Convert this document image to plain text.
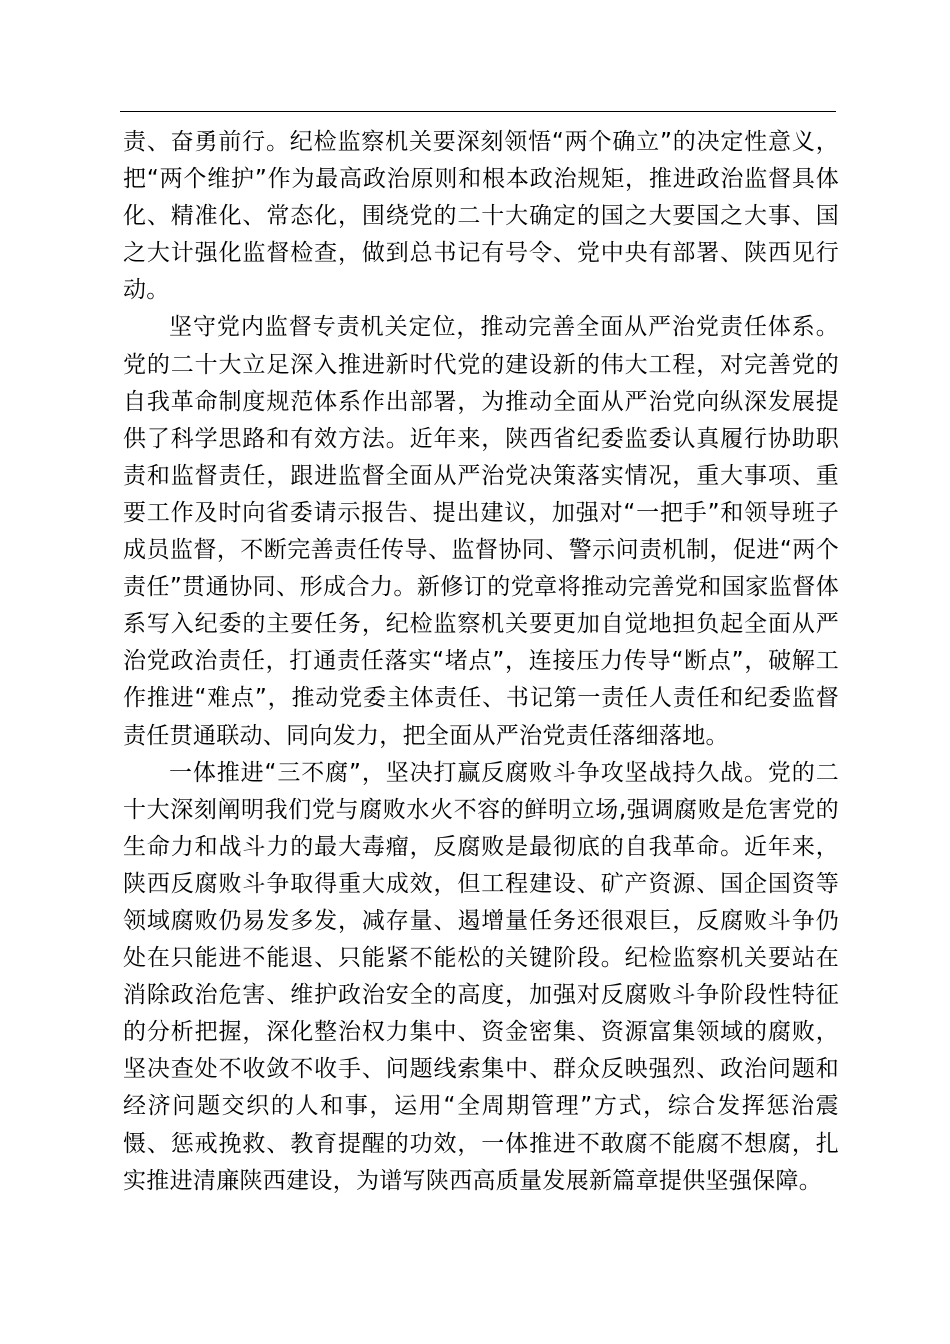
责、奋勇前行。纪检监察机关要深刻领悟“两个确立”的决定性意义，把“两个维护”作为最高政治原则和根本政治规矩，推进政治监督具体化、精准化、常态化，围绕党的二十大确定的国之大要国之大事、国之大计强化监督检查，做到总书记有号令、党中央有部署、陕西见行动。

坚守党内监督专责机关定位，推动完善全面从严治党责任体系。党的二十大立足深入推进新时代党的建设新的伟大工程，对完善党的自我革命制度规范体系作出部署，为推动全面从严治党向纵深发展提供了科学思路和有效方法。近年来，陕西省纪委监委认真履行协助职责和监督责任，跟进监督全面从严治党决策落实情况，重大事项、重要工作及时向省委请示报告、提出建议，加强对“一把手”和领导班子成员监督，不断完善责任传导、监督协同、警示问责机制，促进“两个责任”贯通协同、形成合力。新修订的党章将推动完善党和国家监督体系写入纪委的主要任务，纪检监察机关要更加自觉地担负起全面从严治党政治责任，打通责任落实“堵点”，连接压力传导“断点”，破解工作推进“难点”，推动党委主体责任、书记第一责任人责任和纪委监督责任贯通联动、同向发力，把全面从严治党责任落细落地。

一体推进“三不腐”，坚决打赢反腐败斗争攻坚战持久战。党的二十大深刻阐明我们党与腐败水火不容的鲜明立场,强调腐败是危害党的生命力和战斗力的最大毒瘤，反腐败是最彻底的自我革命。近年来，陕西反腐败斗争取得重大成效，但工程建设、矿产资源、国企国资等领域腐败仍易发多发，减存量、遏增量任务还很艰巨，反腐败斗争仍处在只能进不能退、只能紧不能松的关键阶段。纪检监察机关要站在消除政治危害、维护政治安全的高度，加强对反腐败斗争阶段性特征的分析把握，深化整治权力集中、资金密集、资源富集领域的腐败，坚决查处不收敛不收手、问题线索集中、群众反映强烈、政治问题和经济问题交织的人和事，运用“全周期管理”方式，综合发挥惩治震慑、惩戒挽救、教育提醒的功效，一体推进不敢腐不能腐不想腐，扎实推进清廉陕西建设，为谱写陕西高质量发展新篇章提供坚强保障。
